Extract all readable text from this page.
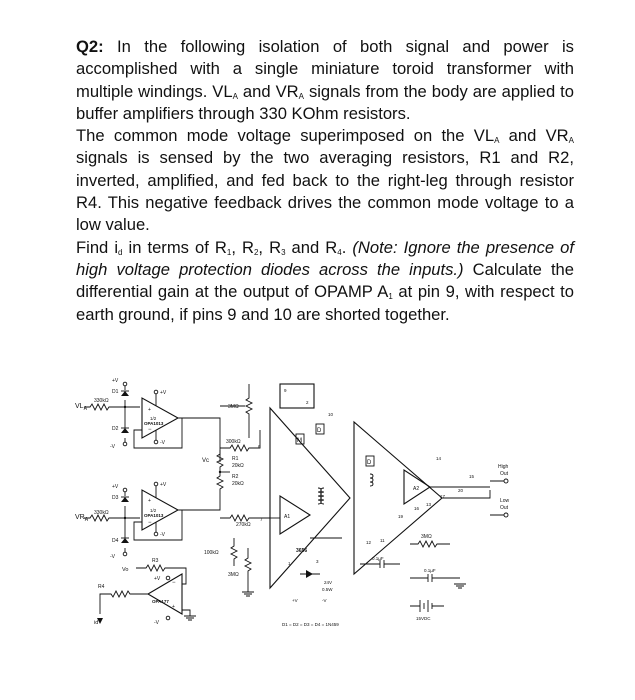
Q2: In the following isolation of both signal and power is accomplished with a single miniature toroid transformer with multiple windings. $VL_A$ and $VR_A$ signals from the body are applied to buffer amplifiers through 330 KOhm resistors.

The common mode voltage superimposed on the $VL_A$ and $VR_A$ signals is sensed by the two averaging resistors, R1 and R2, inverted, amplified, and fed back to the right-leg through resistor R4. This negative feedback drives the common mode voltage to a low value.

Find $i_d$ in terms of $R_1$, $R_2$, $R_3$ and $R_4$. (Note: Ignore the presence of high voltage protection diodes across the inputs.) Calculate the differential gain at the output of OPAMP $A_1$ at pin 9, with respect to earth ground, if pins 9 and 10 are shorted together.

$VL_A$
330kΩ
+V
D1
D2
-V
+
−
1/2
OPA1013
+V
-V
3MΩ
300kΩ
Vc	R1
20kΩ
R2
20kΩ
+V
D3
$VR_A$
330kΩ
D4
-V
+
−
1/2
OPA1013
+V
-V
270kΩ
100kΩ
3MΩ
R3
Vo
−
+
OPA177
+V
-V
R4
id
9
10
2
6
7
1	3
3656
A1
M
D
24V
0.5W
+V	-V
14
D
A2
15
20
17
13
16
19
11
12
High
Out
Low
Out
3MΩ
0.1µF
0.1µF
15VDC
D1 = D2 = D3 = D4 = 1N459
